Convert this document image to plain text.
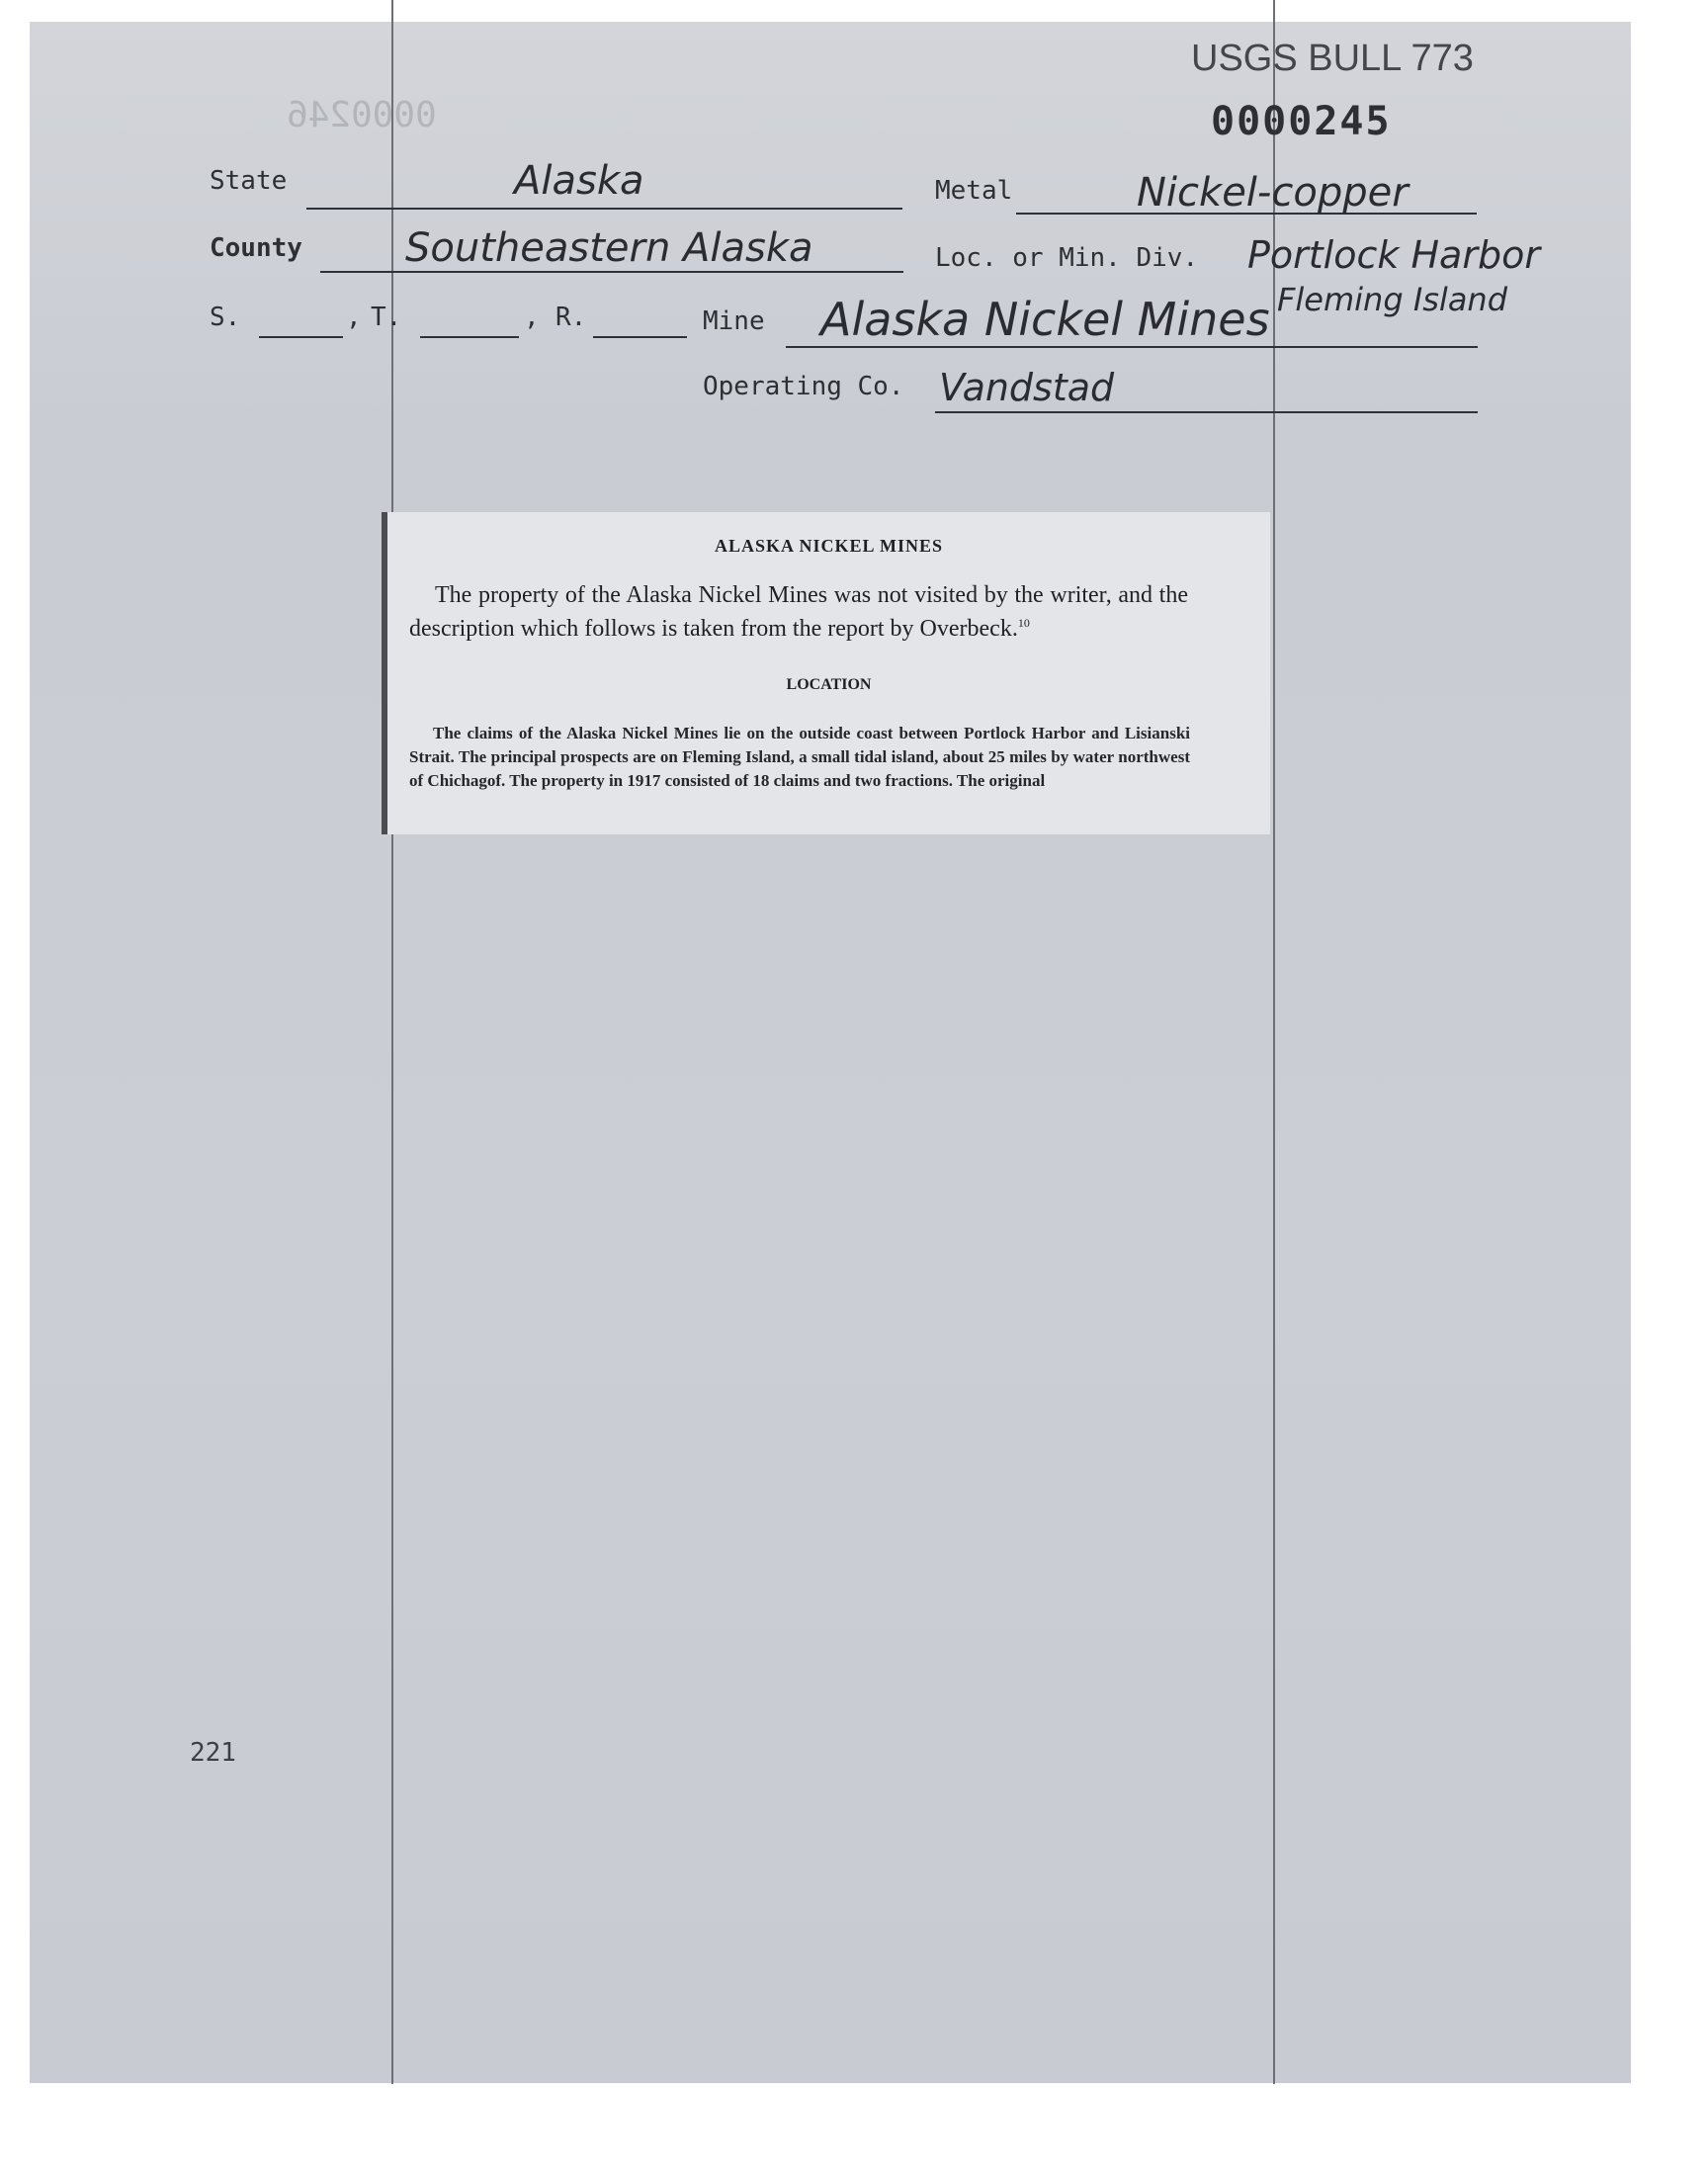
0000246
USGS BULL 773
0000245
State	Alaska	Metal	Nickel-copper
County	Southeastern Alaska	Loc. or Min. Div. Portlock Harbor
Fleming Island
S.	, T.	, R.	Mine Alaska Nickel Mines
Operating Co. Vandstad
ALASKA NICKEL MINES
The property of the Alaska Nickel Mines was not visited by the writer, and the description which follows is taken from the report by Overbeck.$^{10}$
LOCATION
The claims of the Alaska Nickel Mines lie on the outside coast between Portlock Harbor and Lisianski Strait. The principal prospects are on Fleming Island, a small tidal island, about 25 miles by water northwest of Chichagof. The property in 1917 consisted of 18 claims and two fractions. The original
221
